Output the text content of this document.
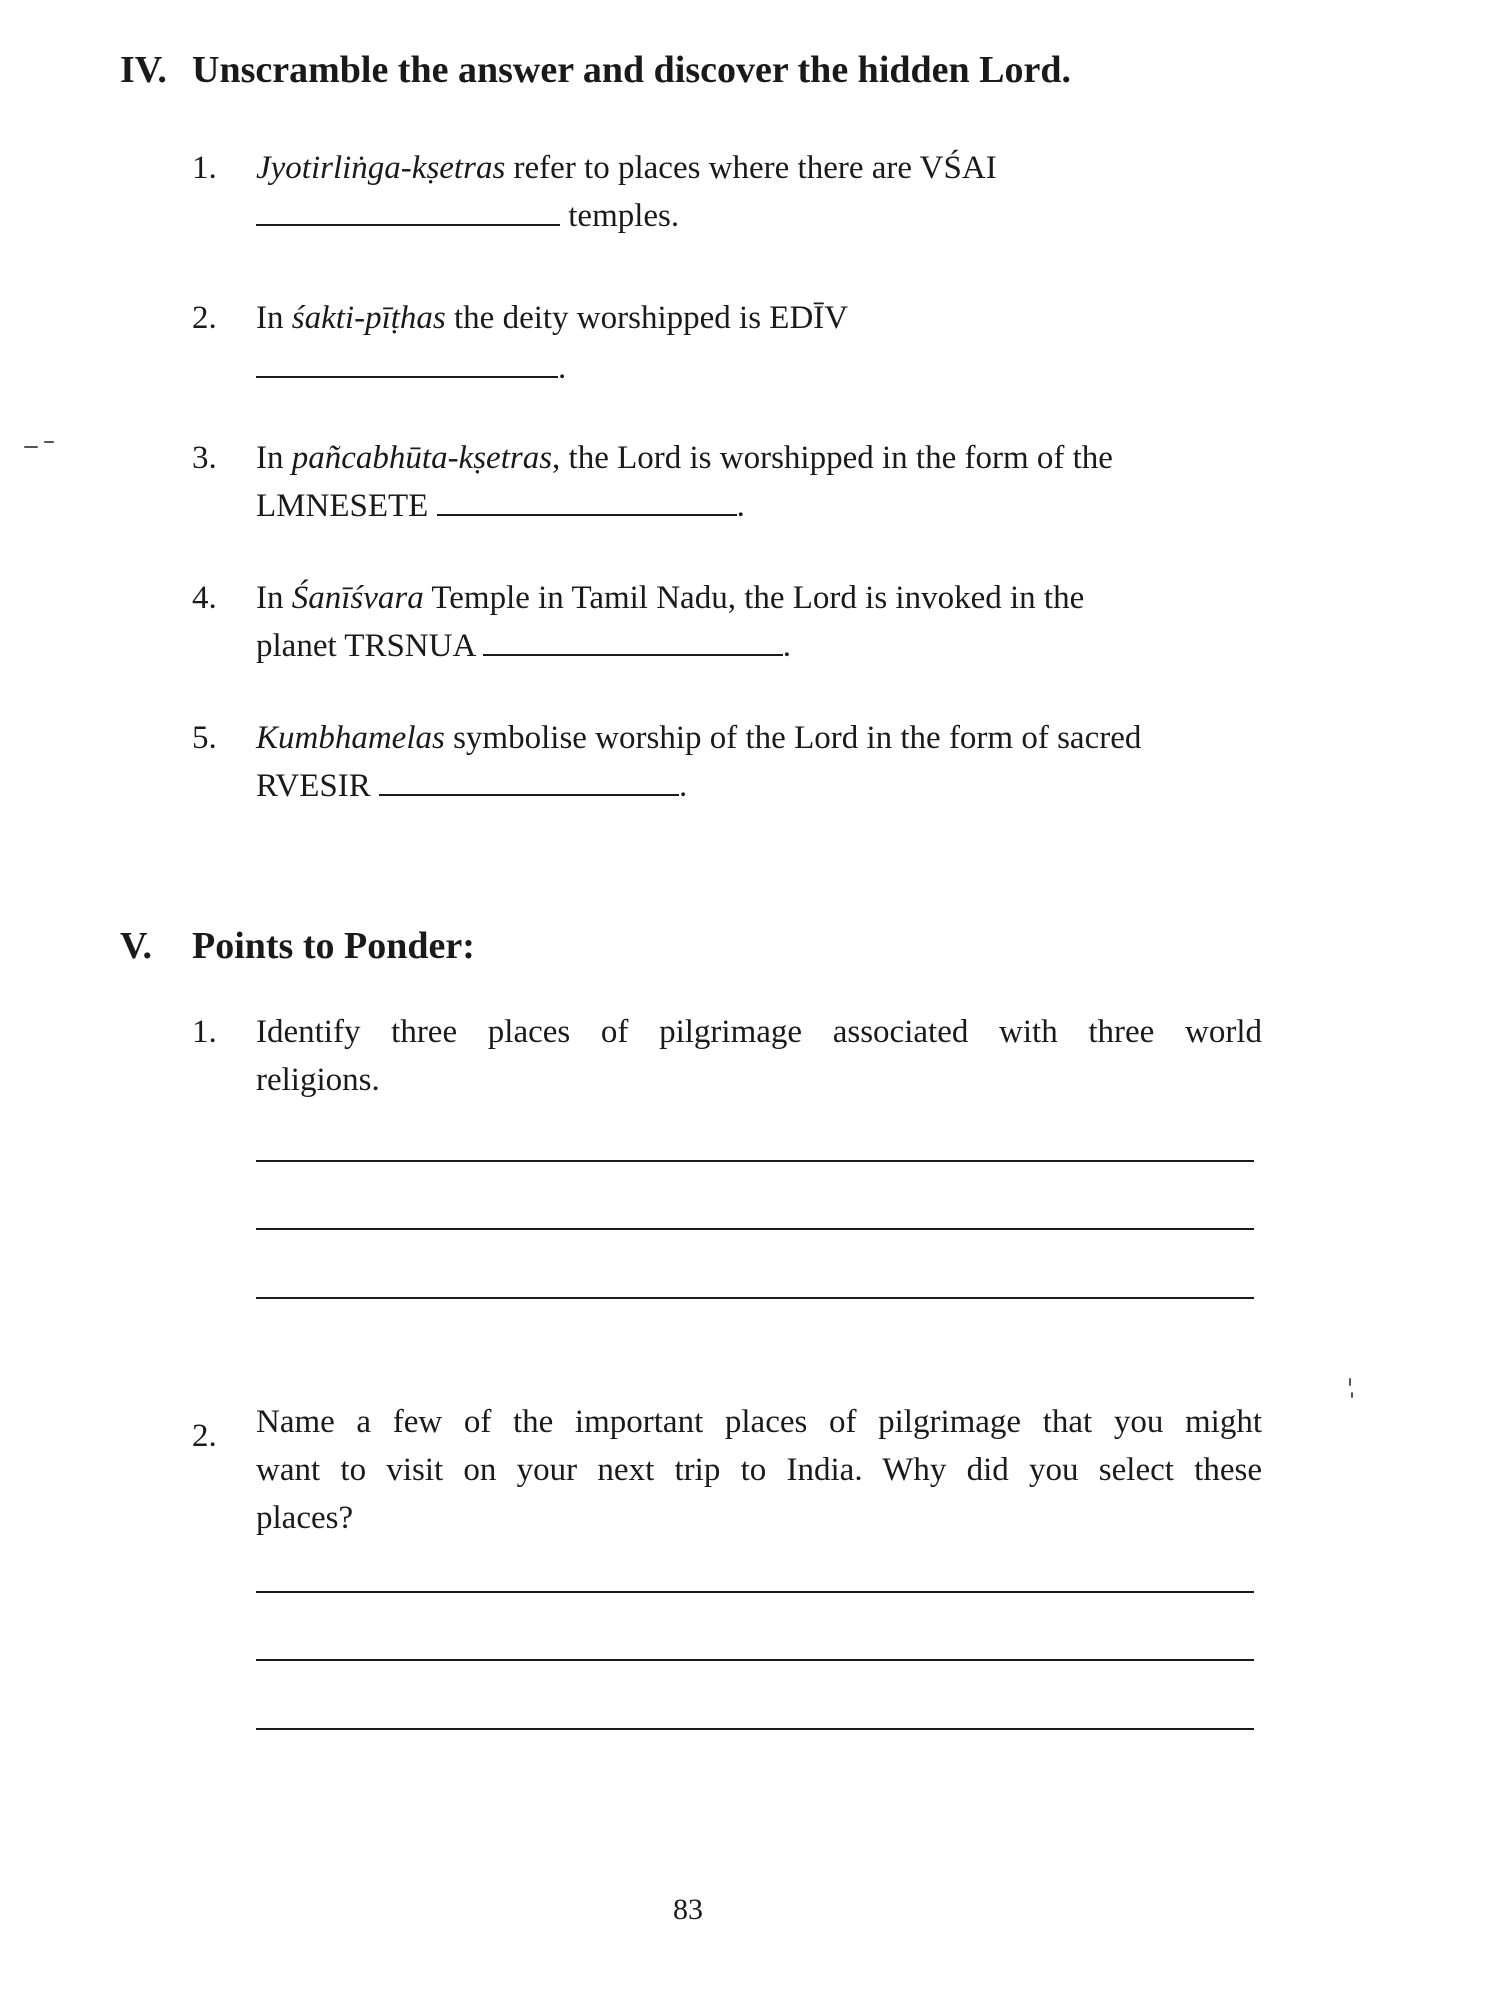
IV. Unscramble the answer and discover the hidden Lord.
1. Jyotirliṅga-kṣetras refer to places where there are VŚAI
temples.
2. In śakti-pīṭhas the deity worshipped is EDĪV
.
3. In pañcabhūta-kṣetras, the Lord is worshipped in the form of the
LMNESETE	.
4. In Śanīśvara Temple in Tamil Nadu, the Lord is invoked in the
planet TRSNUA	.
5. Kumbhamelas symbolise worship of the Lord in the form of sacred
RVESIR	.
V. Points to Ponder:
1. Identify three places of pilgrimage associated with three world
religions.
2. Name a few of the important places of pilgrimage that you might
want to visit on your next trip to India. Why did you select these
places?
83
